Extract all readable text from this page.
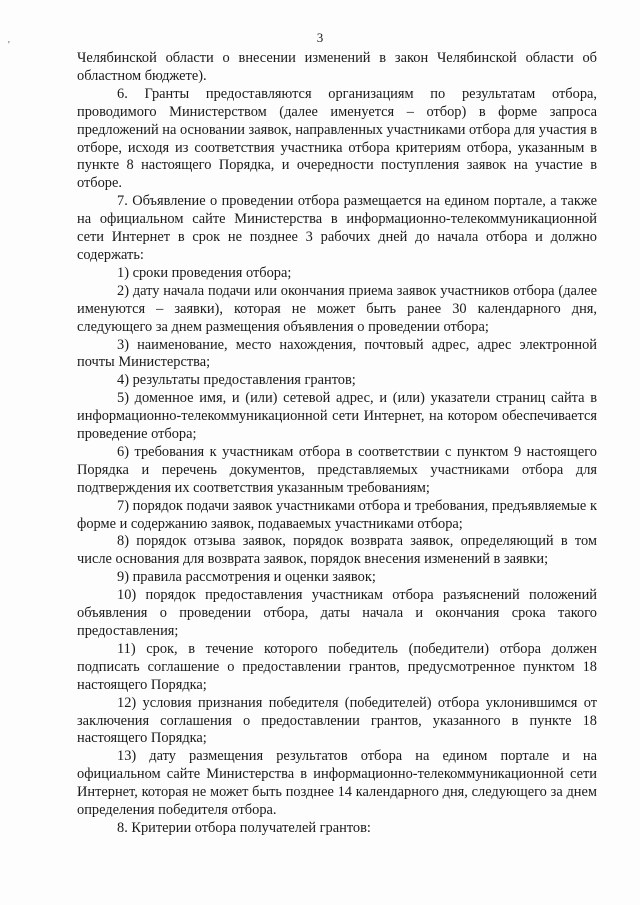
'
3

Челябинской области о внесении изменений в закон Челябинской области об областном бюджете).

6. Гранты предоставляются организациям по результатам отбора, проводимого Министерством (далее именуется – отбор) в форме запроса предложений на основании заявок, направленных участниками отбора для участия в отборе, исходя из соответствия участника отбора критериям отбора, указанным в пункте 8 настоящего Порядка, и очередности поступления заявок на участие в отборе.

7. Объявление о проведении отбора размещается на едином портале, а также на официальном сайте Министерства в информационно-телекоммуникационной сети Интернет в срок не позднее 3 рабочих дней до начала отбора и должно содержать:

1) сроки проведения отбора;

2) дату начала подачи или окончания приема заявок участников отбора (далее именуются – заявки), которая не может быть ранее 30 календарного дня, следующего за днем размещения объявления о проведении отбора;

3) наименование, место нахождения, почтовый адрес, адрес электронной почты Министерства;

4) результаты предоставления грантов;

5) доменное имя, и (или) сетевой адрес, и (или) указатели страниц сайта в информационно-телекоммуникационной сети Интернет, на котором обеспечивается проведение отбора;

6) требования к участникам отбора в соответствии с пунктом 9 настоящего Порядка и перечень документов, представляемых участниками отбора для подтверждения их соответствия указанным требованиям;

7) порядок подачи заявок участниками отбора и требования, предъявляемые к форме и содержанию заявок, подаваемых участниками отбора;

8) порядок отзыва заявок, порядок возврата заявок, определяющий в том числе основания для возврата заявок, порядок внесения изменений в заявки;

9) правила рассмотрения и оценки заявок;

10) порядок предоставления участникам отбора разъяснений положений объявления о проведении отбора, даты начала и окончания срока такого предоставления;

11) срок, в течение которого победитель (победители) отбора должен подписать соглашение о предоставлении грантов, предусмотренное пунктом 18 настоящего Порядка;

12) условия признания победителя (победителей) отбора уклонившимся от заключения соглашения о предоставлении грантов, указанного в пункте 18 настоящего Порядка;

13) дату размещения результатов отбора на едином портале и на официальном сайте Министерства в информационно-телекоммуникационной сети Интернет, которая не может быть позднее 14 календарного дня, следующего за днем определения победителя отбора.

8. Критерии отбора получателей грантов:
